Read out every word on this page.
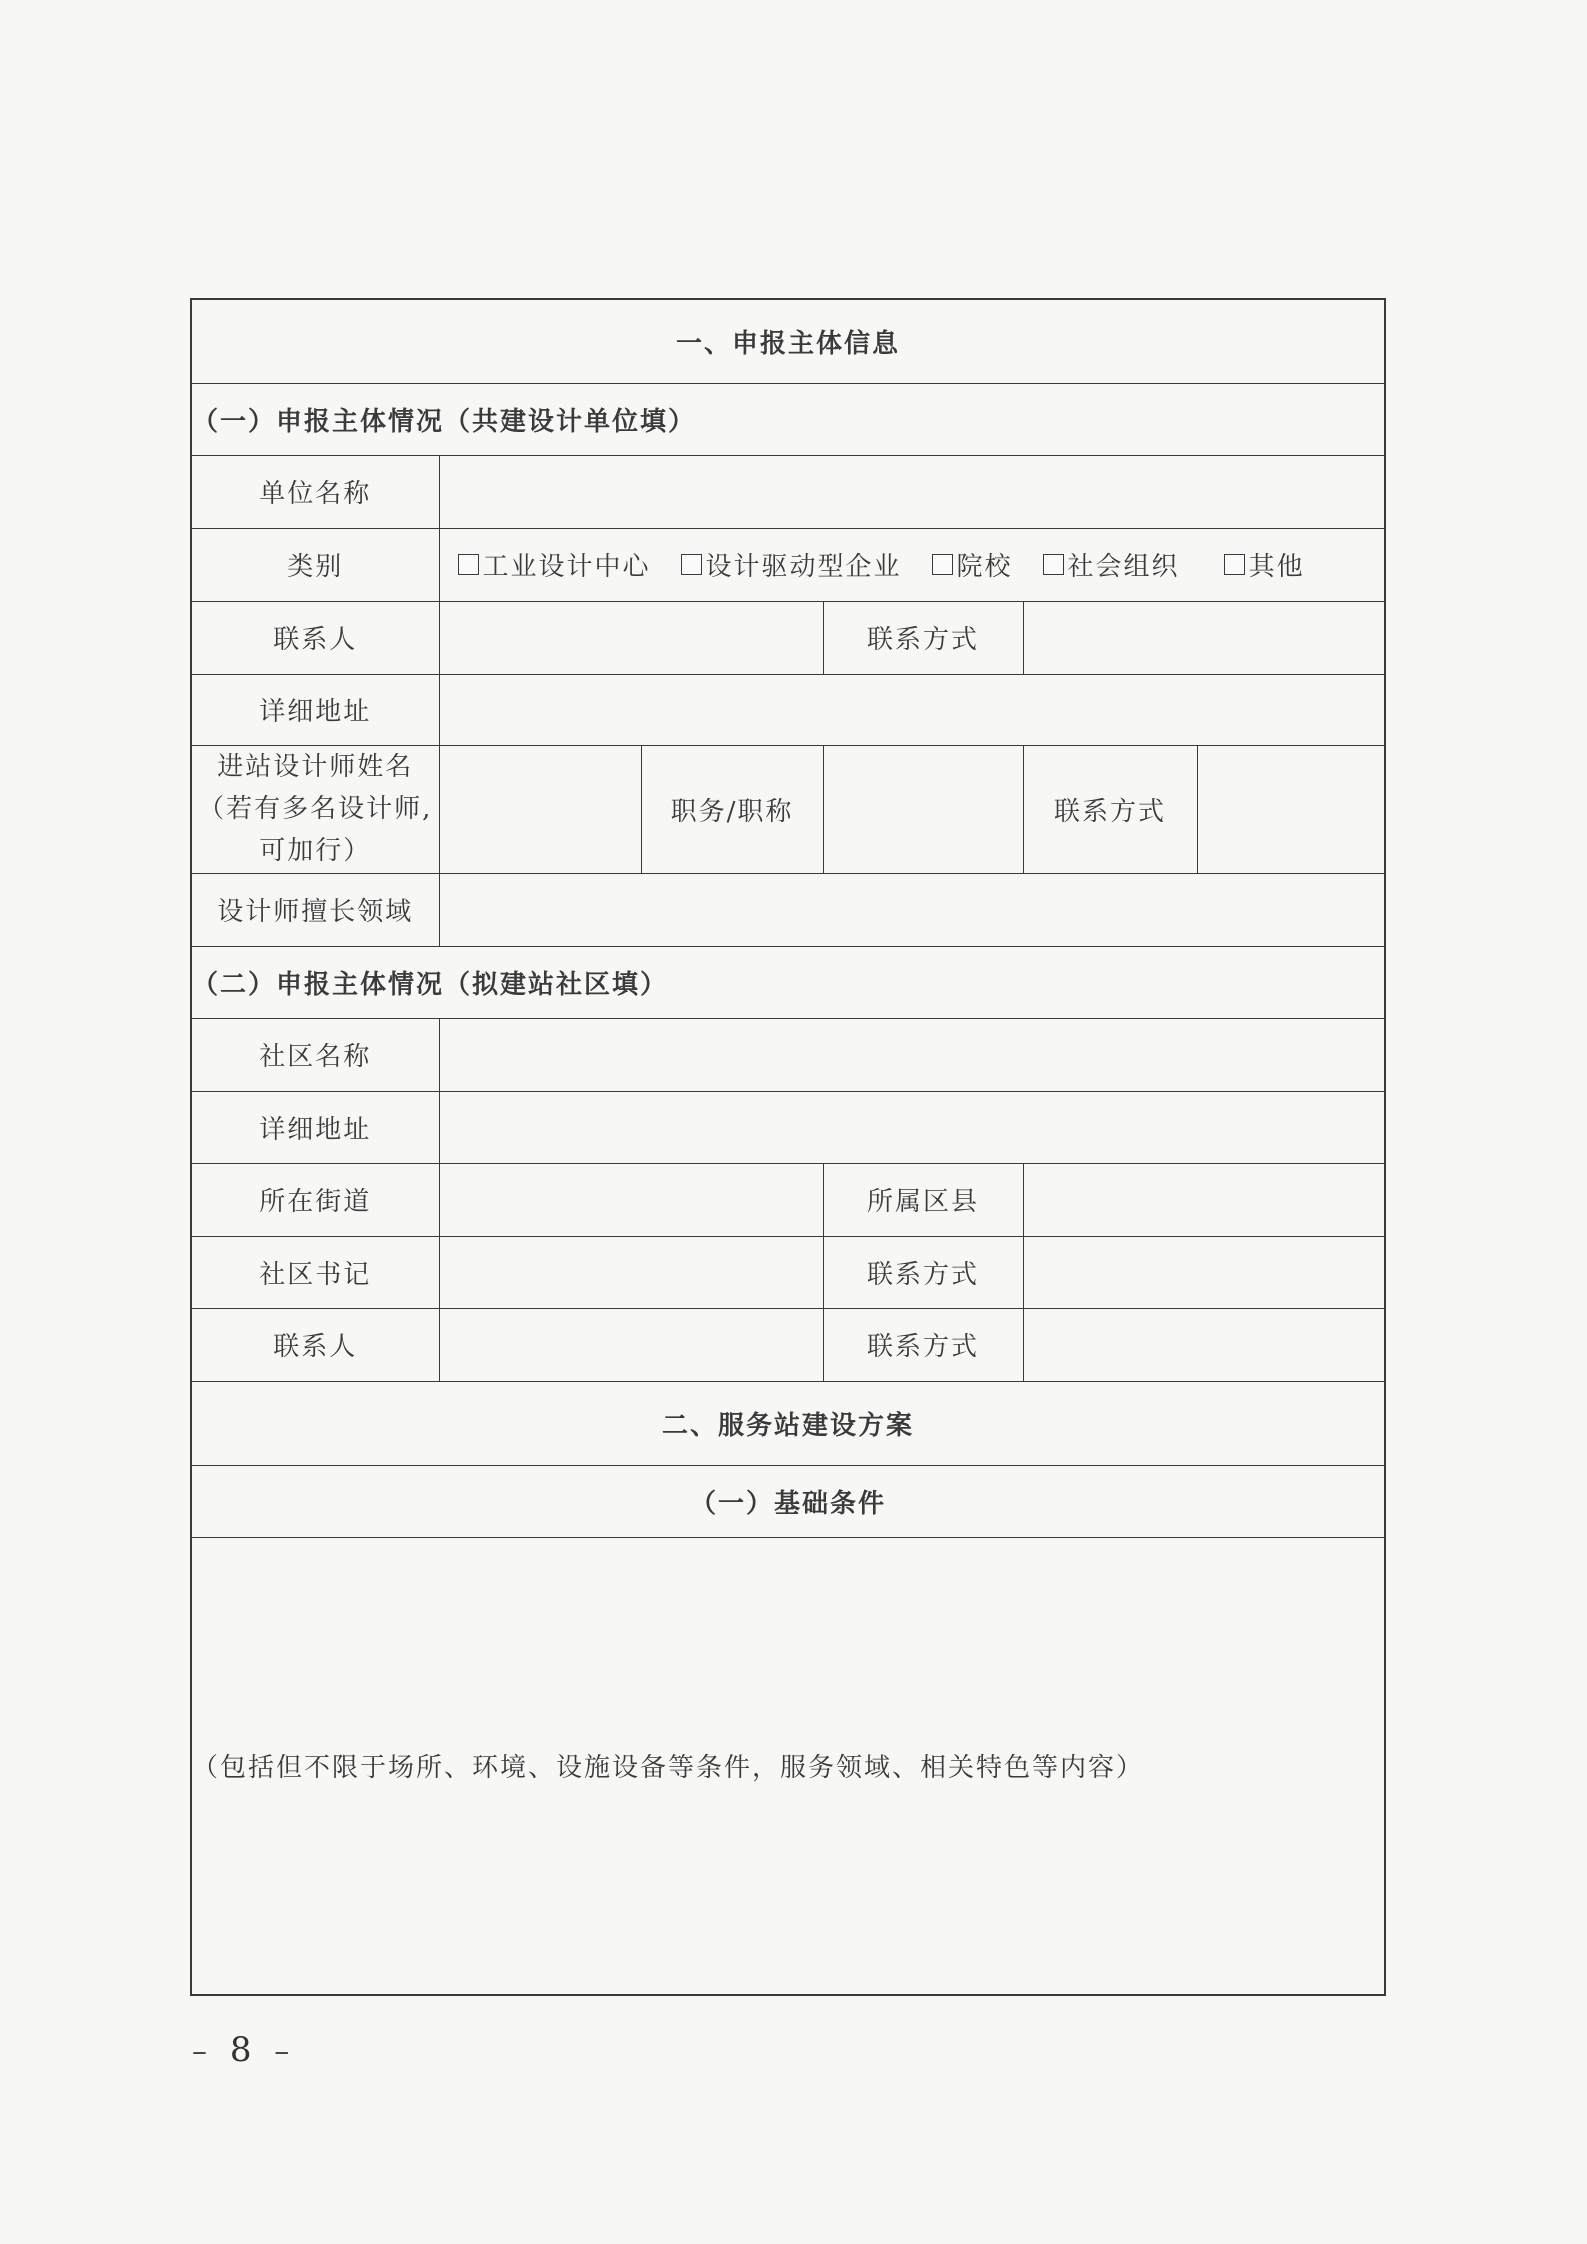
一、申报主体信息					
（一）申报主体情况（共建设计单位填）					
单位名称					
类别	工业设计中心 设计驱动型企业 院校 社会组织 其他				

联系人			联系方式		
详细地址					

进站设计师姓名
（若有多名设计师,
可加行）		职务/职称		联系方式	
设计师擅长领域					
（二）申报主体情况（拟建站社区填）					
社区名称					
详细地址					
所在街道			所属区县		
社区书记			联系方式		
联系人			联系方式		
二、服务站建设方案					
（一）基础条件					
（包括但不限于场所、环境、设施设备等条件，服务领域、相关特色等内容）					
– 8 –
